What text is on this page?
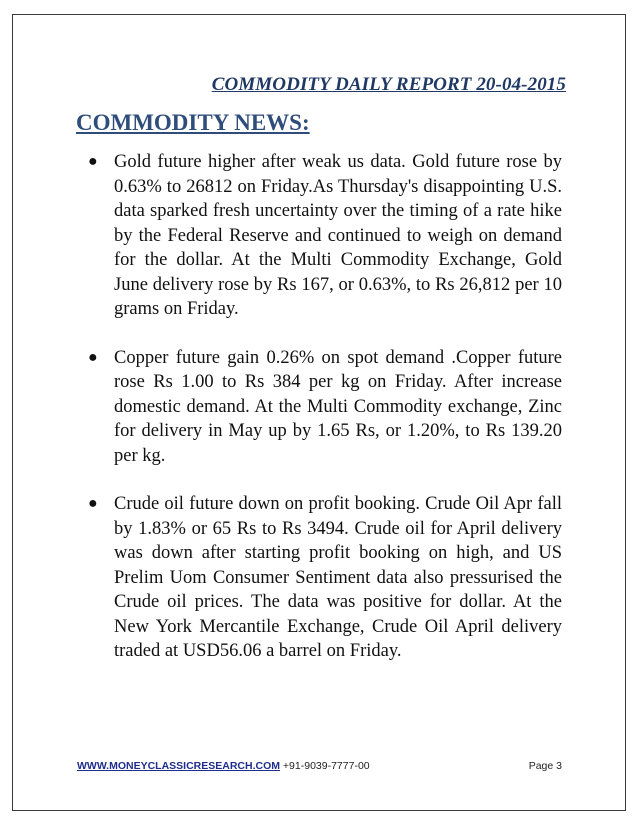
COMMODITY DAILY REPORT 20-04-2015
COMMODITY NEWS:
● Gold future higher after weak us data. Gold future rose by 0.63% to 26812 on Friday.As Thursday's disappointing U.S. data sparked fresh uncertainty over the timing of a rate hike by the Federal Reserve and continued to weigh on demand for the dollar. At the Multi Commodity Exchange, Gold June delivery rose by Rs 167, or 0.63%, to Rs 26,812 per 10 grams on Friday.
● Copper future gain 0.26% on spot demand .Copper future rose Rs 1.00 to Rs 384 per kg on Friday. After increase domestic demand. At the Multi Commodity exchange, Zinc for delivery in May up by 1.65 Rs, or 1.20%, to Rs 139.20 per kg.
● Crude oil future down on profit booking. Crude Oil Apr fall by 1.83% or 65 Rs to Rs 3494. Crude oil for April delivery was down after starting profit booking on high, and US Prelim Uom Consumer Sentiment data also pressurised the Crude oil prices. The data was positive for dollar. At the New York Mercantile Exchange, Crude Oil April delivery traded at USD56.06 a barrel on Friday.
WWW.MONEYCLASSICRESEARCH.COM +91-9039-7777-00	Page 3
